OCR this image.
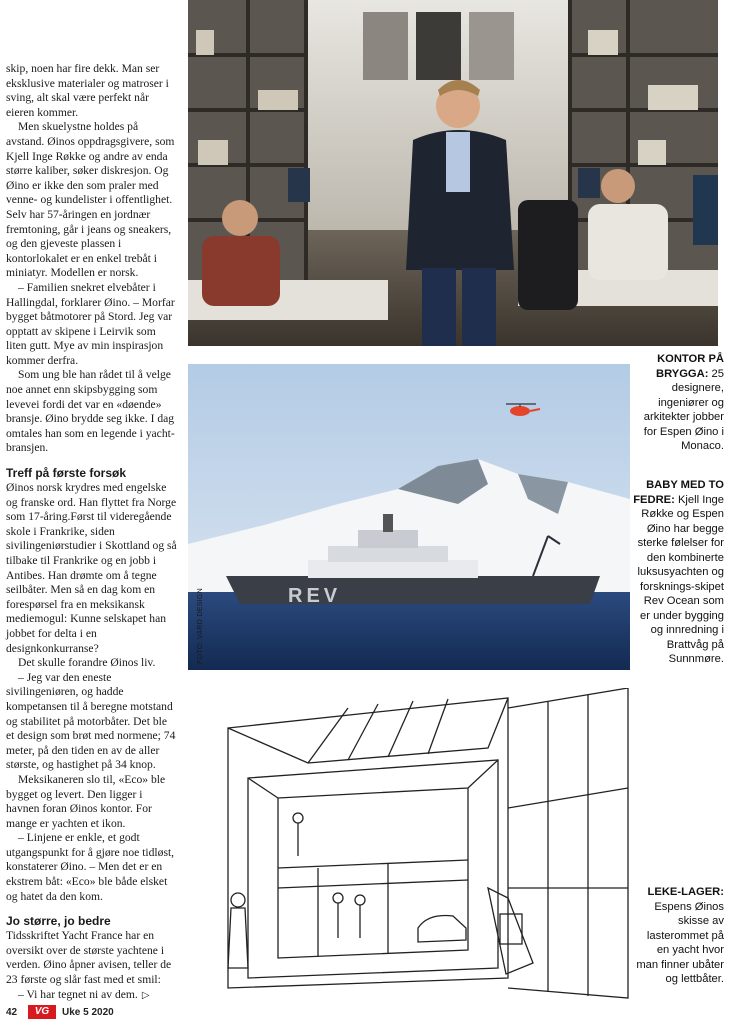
skip, noen har fire dekk. Man ser eksklusive materialer og matroser i sving, alt skal være perfekt når eieren kommer.

Men skuelystne holdes på avstand. Øinos oppdragsgivere, som Kjell Inge Røkke og andre av enda større kaliber, søker diskresjon. Og Øino er ikke den som praler med venne- og kundelister i offentlighet. Selv har 57-åringen en jordnær fremtoning, går i jeans og sneakers, og den gjeveste plassen i kontorlokalet er en enkel trebåt i miniatyr. Modellen er norsk.

– Familien snekret elvebåter i Hallingdal, forklarer Øino. – Morfar bygget båtmotorer på Stord. Jeg var opptatt av skipene i Leirvik som liten gutt. Mye av min inspirasjon kommer derfra.

Som ung ble han rådet til å velge noe annet enn skipsbygging som levevei fordi det var en «døende» bransje. Øino brydde seg ikke. I dag omtales han som en legende i yacht-bransjen.

Treff på første forsøk

Øinos norsk krydres med engelske og franske ord. Han flyttet fra Norge som 17-åring.Først til videregående skole i Frankrike, siden sivilingeniørstudier i Skottland og så tilbake til Frankrike og en jobb i Antibes. Han drømte om å tegne seilbåter. Men så en dag kom en forespørsel fra en meksikansk mediemogul: Kunne selskapet han jobbet for delta i en designkonkurranse?

Det skulle forandre Øinos liv.

– Jeg var den eneste sivilingeniøren, og hadde kompetansen til å beregne motstand og stabilitet på motorbåter. Det ble et design som brøt med normene; 74 meter, på den tiden en av de aller største, og hastighet på 34 knop.

Meksikaneren slo til, «Eco» ble bygget og levert. Den ligger i havnen foran Øinos kontor. For mange er yachten et ikon.

– Linjene er enkle, et godt utgangspunkt for å gjøre noe tidløst, konstaterer Øino. – Men det er en ekstrem båt: «Eco» ble både elsket og hatet da den kom.

Jo større, jo bedre

Tidsskriftet Yacht France har en oversikt over de største yachtene i verden. Øino åpner avisen, teller de 23 første og slår fast med et smil:

– Vi har tegnet ni av dem. ▷

REV
FOTO: VARD DESIGN
KONTOR PÅ BRYGGA: 25 designere, ingeniører og arkitekter jobber for Espen Øino i Monaco.
BABY MED TO FEDRE: Kjell Inge Røkke og Espen Øino har begge sterke følelser for den kombinerte luksusyachten og forsknings-skipet Rev Ocean som er under bygging og innredning i Brattvåg på Sunnmøre.
LEKE-LAGER: Espens Øinos skisse av lasterommet på en yacht hvor man finner ubåter og lettbåter.
42	VG	Uke 5 2020
